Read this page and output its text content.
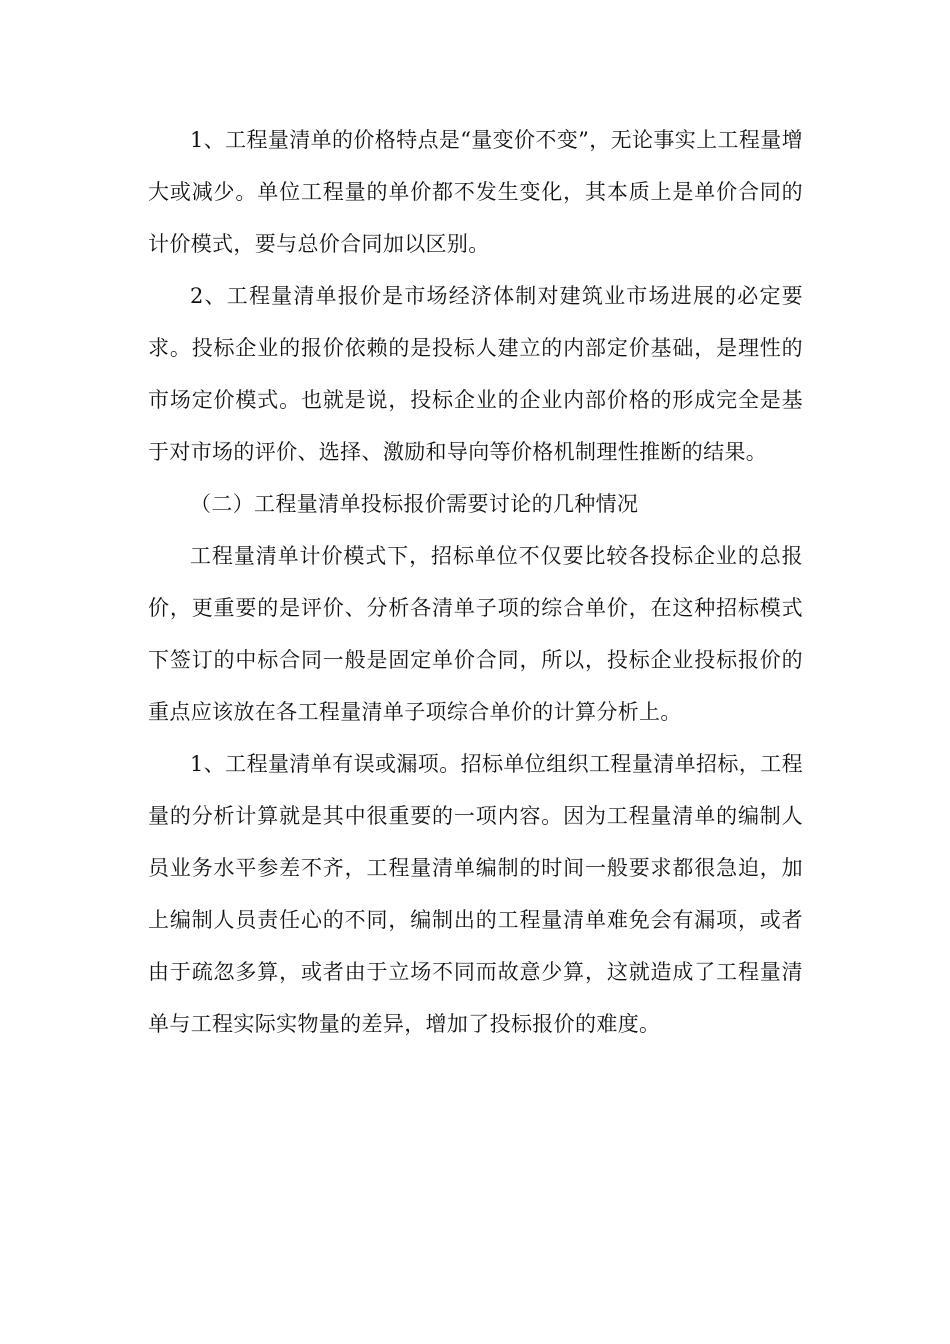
1、工程量清单的价格特点是“量变价不变”，无论事实上工程量增大或减少。单位工程量的单价都不发生变化，其本质上是单价合同的计价模式，要与总价合同加以区别。

2、工程量清单报价是市场经济体制对建筑业市场进展的必定要求。投标企业的报价依赖的是投标人建立的内部定价基础，是理性的市场定价模式。也就是说，投标企业的企业内部价格的形成完全是基于对市场的评价、选择、激励和导向等价格机制理性推断的结果。

（二）工程量清单投标报价需要讨论的几种情况

工程量清单计价模式下，招标单位不仅要比较各投标企业的总报价，更重要的是评价、分析各清单子项的综合单价，在这种招标模式下签订的中标合同一般是固定单价合同，所以，投标企业投标报价的重点应该放在各工程量清单子项综合单价的计算分析上。

1、工程量清单有误或漏项。招标单位组织工程量清单招标，工程量的分析计算就是其中很重要的一项内容。因为工程量清单的编制人员业务水平参差不齐，工程量清单编制的时间一般要求都很急迫，加上编制人员责任心的不同，编制出的工程量清单难免会有漏项，或者由于疏忽多算，或者由于立场不同而故意少算，这就造成了工程量清单与工程实际实物量的差异，增加了投标报价的难度。
